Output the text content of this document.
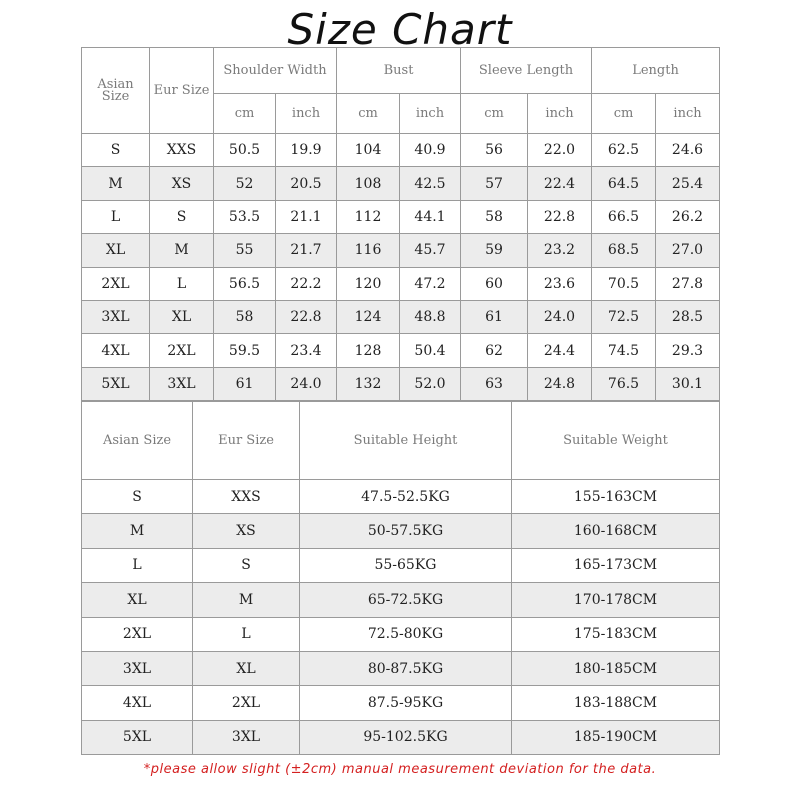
Size Chart
Asian Size	Eur Size	Shoulder Width		Bust		Sleeve Length		Length	
		cm	inch	cm	inch	cm	inch	cm	inch
S	XXS	50.5	19.9	104	40.9	56	22.0	62.5	24.6
M	XS	52	20.5	108	42.5	57	22.4	64.5	25.4
L	S	53.5	21.1	112	44.1	58	22.8	66.5	26.2
XL	M	55	21.7	116	45.7	59	23.2	68.5	27.0
2XL	L	56.5	22.2	120	47.2	60	23.6	70.5	27.8
3XL	XL	58	22.8	124	48.8	61	24.0	72.5	28.5
4XL	2XL	59.5	23.4	128	50.4	62	24.4	74.5	29.3
5XL	3XL	61	24.0	132	52.0	63	24.8	76.5	30.1
Asian Size	Eur Size	Suitable Height	Suitable Weight
S	XXS	47.5-52.5KG	155-163CM
M	XS	50-57.5KG	160-168CM
L	S	55-65KG	165-173CM
XL	M	65-72.5KG	170-178CM
2XL	L	72.5-80KG	175-183CM
3XL	XL	80-87.5KG	180-185CM
4XL	2XL	87.5-95KG	183-188CM
5XL	3XL	95-102.5KG	185-190CM
*please allow slight (±2cm) manual measurement deviation for the data.
